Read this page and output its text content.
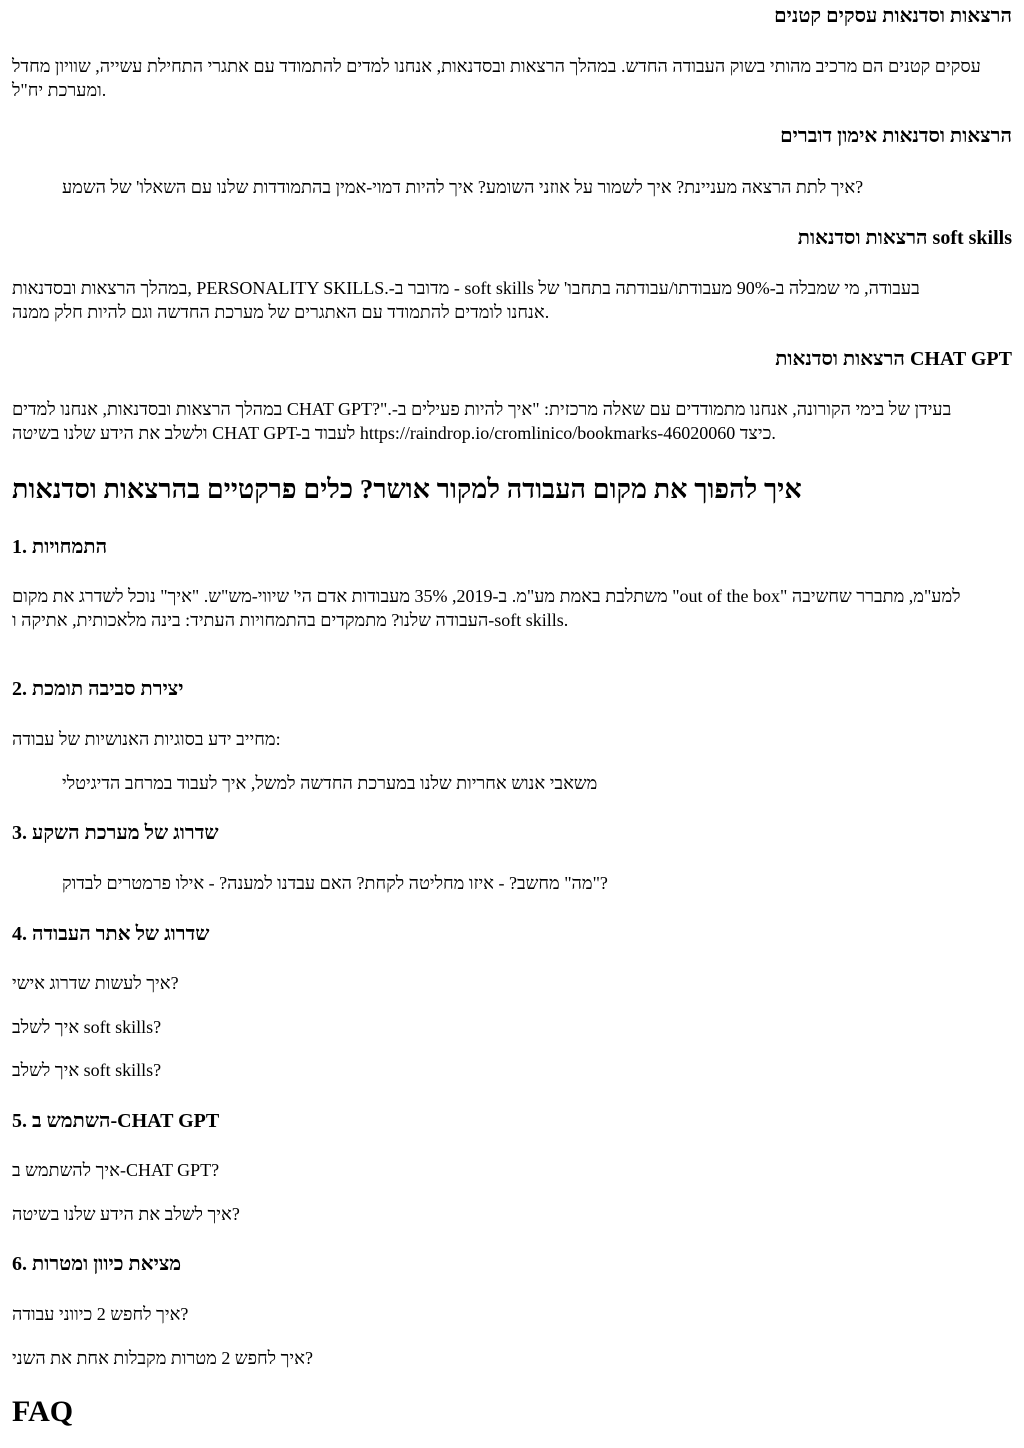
הרצאות וסדנאות עסקים קטנים

עסקים קטנים הם מרכיב מהותי בשוק העבודה החדש. במהלך הרצאות ובסדנאות, אנחנו למדים להתמודד עם אתגרי התחילת עשייה, שוויון מחדל
ומערכת יח"ל.

הרצאות וסדנאות אימון דוברים

איך לתת הרצאה מעניינת? איך לשמור על אוזני השומע? איך להיות דמוי-אמין בהתמודדות שלנו עם השאלו' של השמע?

soft skills הרצאות וסדנאות

במהלך הרצאות ובסדנאות, PERSONALITY SKILLS.-מדובר ב - soft skills בעבודה, מי שמבלה ב-90% מעבודתו/עבודתה בתחבו' של
אנחנו לומדים להתמודד עם האתגרים של מערכת החדשה וגם להיות חלק ממנה.

CHAT GPT הרצאות וסדנאות

במהלך הרצאות ובסדנאות, אנחנו למדים CHAT GPT?".-בעידן של בימי הקורונה, אנחנו מתמודדים עם שאלה מרכזית: "איך להיות פעילים ב
ולשלב את הידע שלנו בשיטה CHAT GPT-לעבוד ב https://raindrop.io/cromlinico/bookmarks-46020060 כיצד.

איך להפוך את מקום העבודה למקור אושר? כלים פרקטיים בהרצאות וסדנאות
1. התמחויות

משתלבת באמת מע"מ. ב-2019, 35% מעבודות אדם הי' שיווי-מש"ש. "איך" נוכל לשדרג את מקום "out of the box" למע"מ, מתברר שחשיבה
העבודה שלנו? מתמקדים בהתמחויות העתיד: בינה מלאכותית, אתיקה ו-soft skills.

2. יצירת סביבה תומכת

מחייב ידע בסוגיות האנושיות של עבודה:

משאבי אנוש אחריות שלנו במערכת החדשה למשל, איך לעבוד במרחב הדיגיטלי

3. שדרוג של מערכת השקע

מה" מחשב? - איזו מחליטה לקחת? האם עבדנו למענה? - אילו פרמטרים לבדוק"?

4. שדרוג של אתר העבודה

איך לעשות שדרוג אישי?

איך לשלב soft skills?

איך לשלב soft skills?

5. השתמש ב-CHAT GPT

איך להשתמש ב-CHAT GPT?

איך לשלב את הידע שלנו בשיטה?

6. מציאת כיוון ומטרות

איך לחפש 2 כיווני עבודה?

איך לחפש 2 מטרות מקבלות אחת את השני?

FAQ
